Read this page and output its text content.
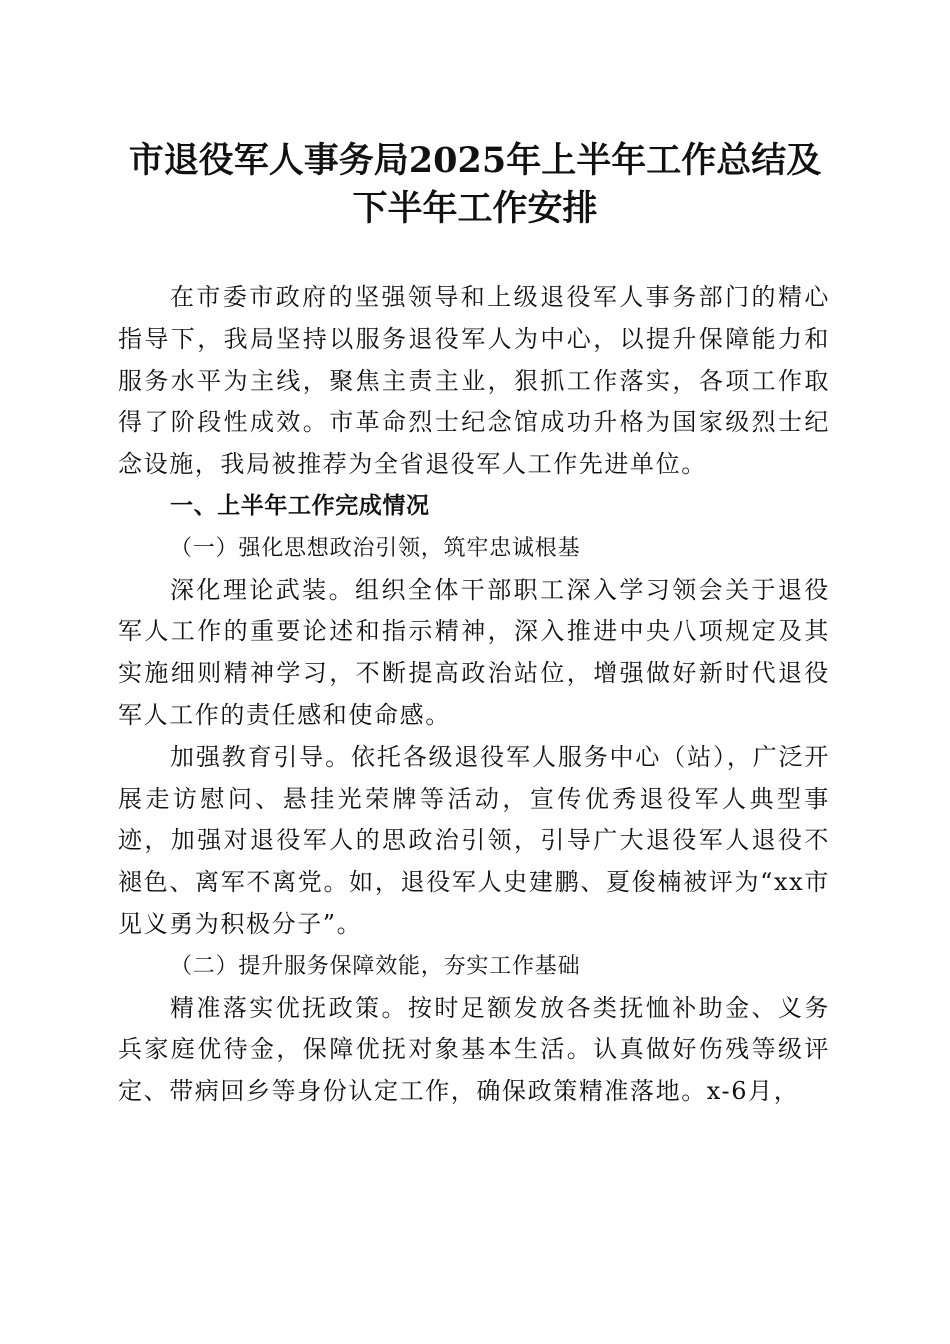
市退役军人事务局2025年上半年工作总结及
下半年工作安排

在市委市政府的坚强领导和上级退役军人事务部门的精心指导下，我局坚持以服务退役军人为中心，以提升保障能力和服务水平为主线，聚焦主责主业，狠抓工作落实，各项工作取得了阶段性成效。市革命烈士纪念馆成功升格为国家级烈士纪念设施，我局被推荐为全省退役军人工作先进单位。

一、上半年工作完成情况

（一）强化思想政治引领，筑牢忠诚根基

深化理论武装。组织全体干部职工深入学习领会关于退役军人工作的重要论述和指示精神，深入推进中央八项规定及其实施细则精神学习，不断提高政治站位，增强做好新时代退役军人工作的责任感和使命感。

加强教育引导。依托各级退役军人服务中心（站），广泛开展走访慰问、悬挂光荣牌等活动，宣传优秀退役军人典型事迹，加强对退役军人的思政治引领，引导广大退役军人退役不褪色、离军不离党。如，退役军人史建鹏、夏俊楠被评为“xx市见义勇为积极分子”。

（二）提升服务保障效能，夯实工作基础

精准落实优抚政策。按时足额发放各类抚恤补助金、义务兵家庭优待金，保障优抚对象基本生活。认真做好伤残等级评定、带病回乡等身份认定工作，确保政策精准落地。x-6月，
